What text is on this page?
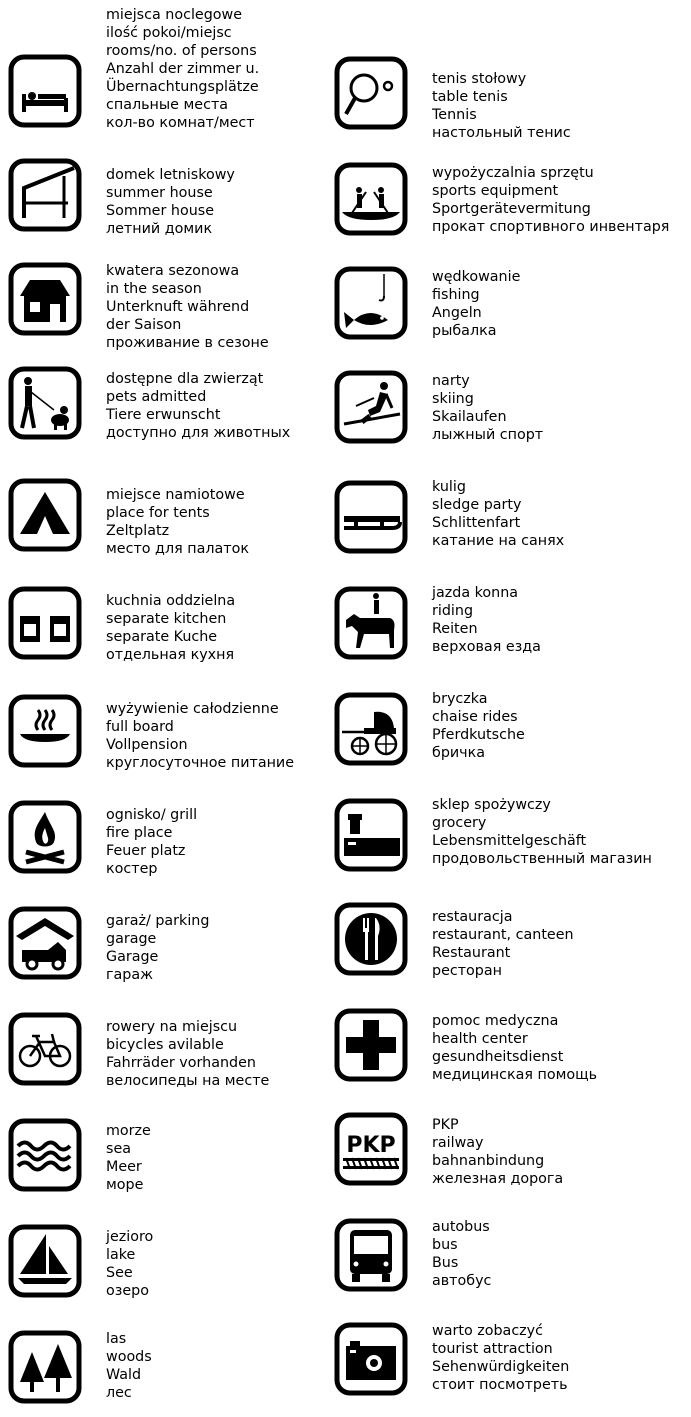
miejsca noclegowe
ilość pokoi/miejsc
rooms/no. of persons
Anzahl der zimmer u.
Übernachtungsplätze
спальные места
кол-во комнат/мест
domek letniskowy
summer house
Sommer house
летний домик
kwatera sezonowa
in the season
Unterknuft während
der Saison
проживание в сезоне
dostępne dla zwierząt
pets admitted
Tiere erwunscht
доступно для животных
miejsce namiotowe
place for tents
Zeltplatz
место для палаток
kuchnia oddzielna
separate kitchen
separate Kuche
отдельная кухня
wyżywienie całodzienne
full board
Vollpension
круглосуточное питание
ognisko/ grill
fire place
Feuer platz
костер
garaż/ parking
garage
Garage
гараж
rowery na miejscu
bicycles avilable
Fahrräder vorhanden
велосипеды на месте
morze
sea
Meer
море
jezioro
lake
See
озеро
las
woods
Wald
лес
tenis stołowy
table tenis
Tennis
настольный тенис
wypożyczalnia sprzętu
sports equipment
Sportgerätevermitung
прокат спортивного инвентаря
wędkowanie
fishing
Angeln
рыбалка
narty
skiing
Skailaufen
лыжный спорт
kulig
sledge party
Schlittenfart
катание на санях
jazda konna
riding
Reiten
верховая езда
bryczka
chaise rides
Pferdkutsche
бричка
sklep spożywczy
grocery
Lebensmittelgeschäft
продовольственный магазин
restauracja
restaurant, canteen
Restaurant
ресторан
pomoc medyczna
health center
gesundheitsdienst
медицинская помощь
PKP
PKP
railway
bahnanbindung
железная дорога
autobus
bus
Bus
автобус
warto zobaczyć
tourist attraction
Sehenwürdigkeiten
стоит посмотреть
